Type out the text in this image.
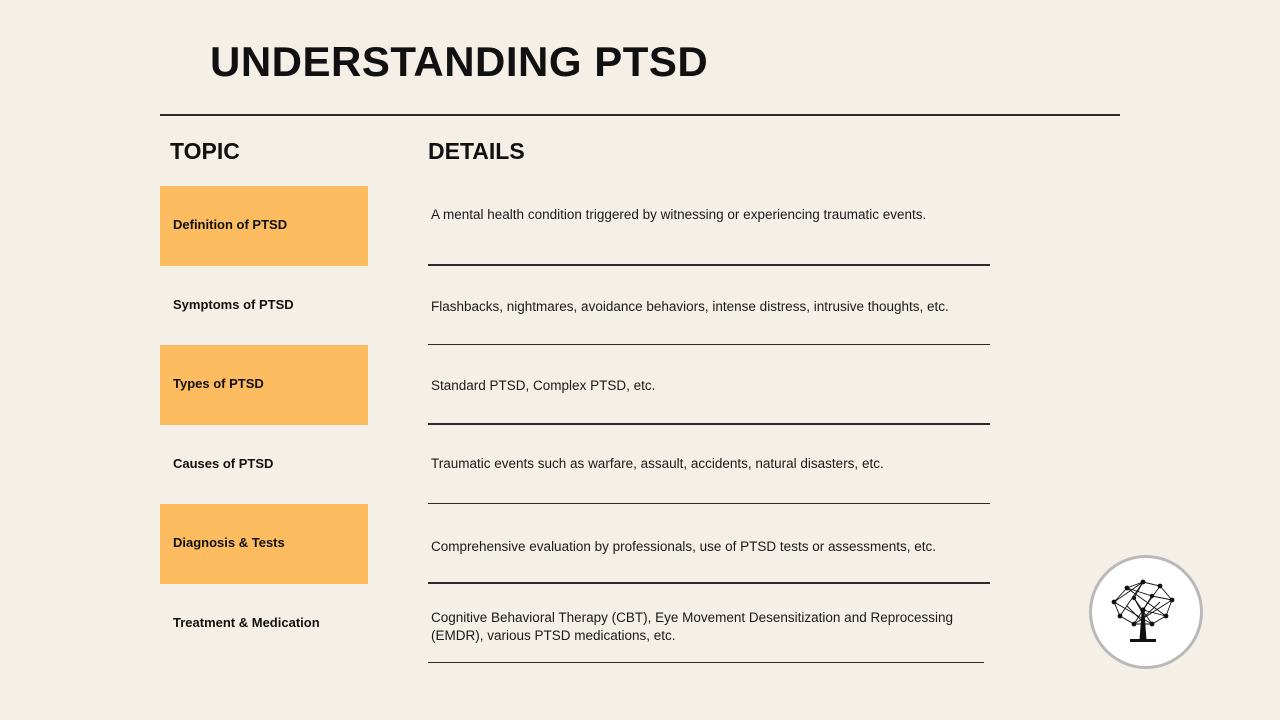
UNDERSTANDING PTSD
TOPIC	DETAILS
Definition of PTSD
Symptoms of PTSD
Types of PTSD
Causes of PTSD
Diagnosis & Tests
Treatment & Medication
A mental health condition triggered by witnessing or experiencing traumatic events.
Flashbacks, nightmares, avoidance behaviors, intense distress, intrusive thoughts, etc.
Standard PTSD, Complex PTSD, etc.
Traumatic events such as warfare, assault, accidents, natural disasters, etc.
Comprehensive evaluation by professionals, use of PTSD tests or assessments, etc.
Cognitive Behavioral Therapy (CBT), Eye Movement Desensitization and Reprocessing (EMDR), various PTSD medications, etc.
